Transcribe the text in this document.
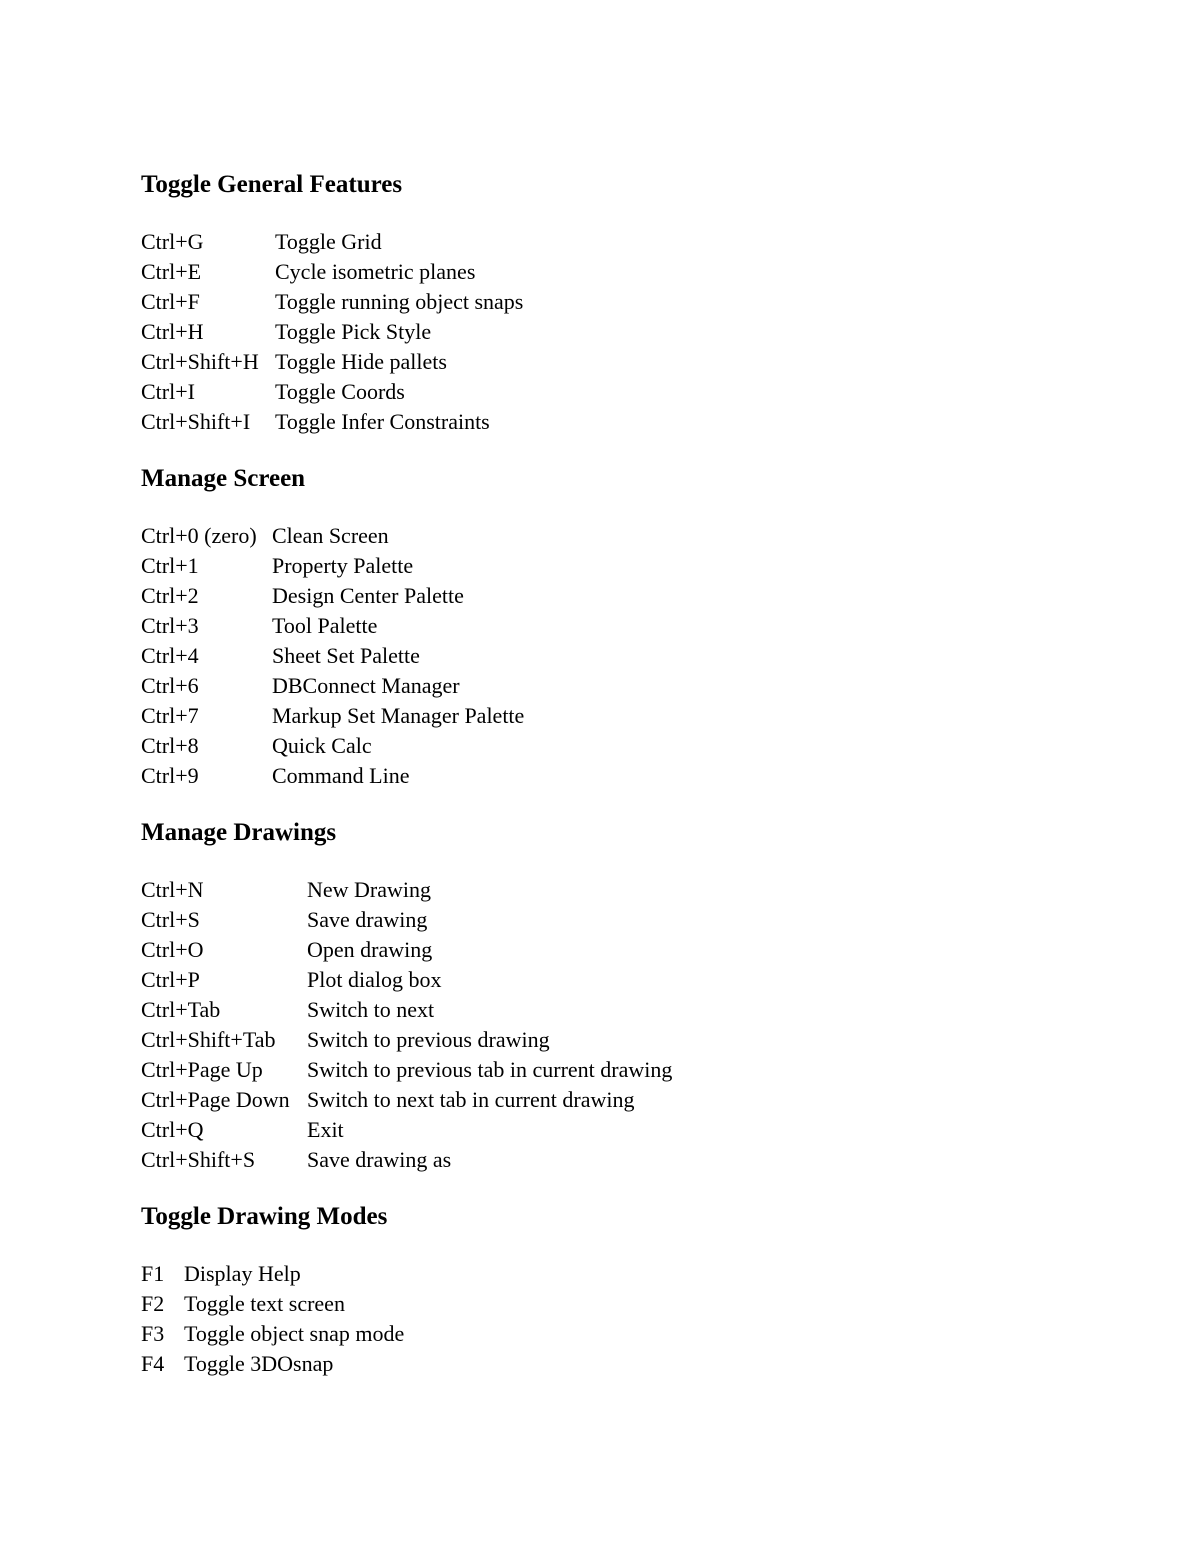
Toggle General Features
Ctrl+G	Toggle Grid
Ctrl+E	Cycle isometric planes
Ctrl+F	Toggle running object snaps
Ctrl+H	Toggle Pick Style
Ctrl+Shift+H Toggle Hide pallets
Ctrl+I	Toggle Coords
Ctrl+Shift+I	Toggle Infer Constraints
Manage Screen
Ctrl+0 (zero) Clean Screen
Ctrl+1	Property Palette
Ctrl+2	Design Center Palette
Ctrl+3	Tool Palette
Ctrl+4	Sheet Set Palette
Ctrl+6	DBConnect Manager
Ctrl+7	Markup Set Manager Palette
Ctrl+8	Quick Calc
Ctrl+9	Command Line
Manage Drawings
Ctrl+N	New Drawing
Ctrl+S	Save drawing
Ctrl+O	Open drawing
Ctrl+P	Plot dialog box
Ctrl+Tab	Switch to next
Ctrl+Shift+Tab	Switch to previous drawing
Ctrl+Page Up	Switch to previous tab in current drawing
Ctrl+Page Down Switch to next tab in current drawing
Ctrl+Q	Exit
Ctrl+Shift+S	Save drawing as
Toggle Drawing Modes
F1 Display Help
F2 Toggle text screen
F3 Toggle object snap mode
F4 Toggle 3DOsnap
